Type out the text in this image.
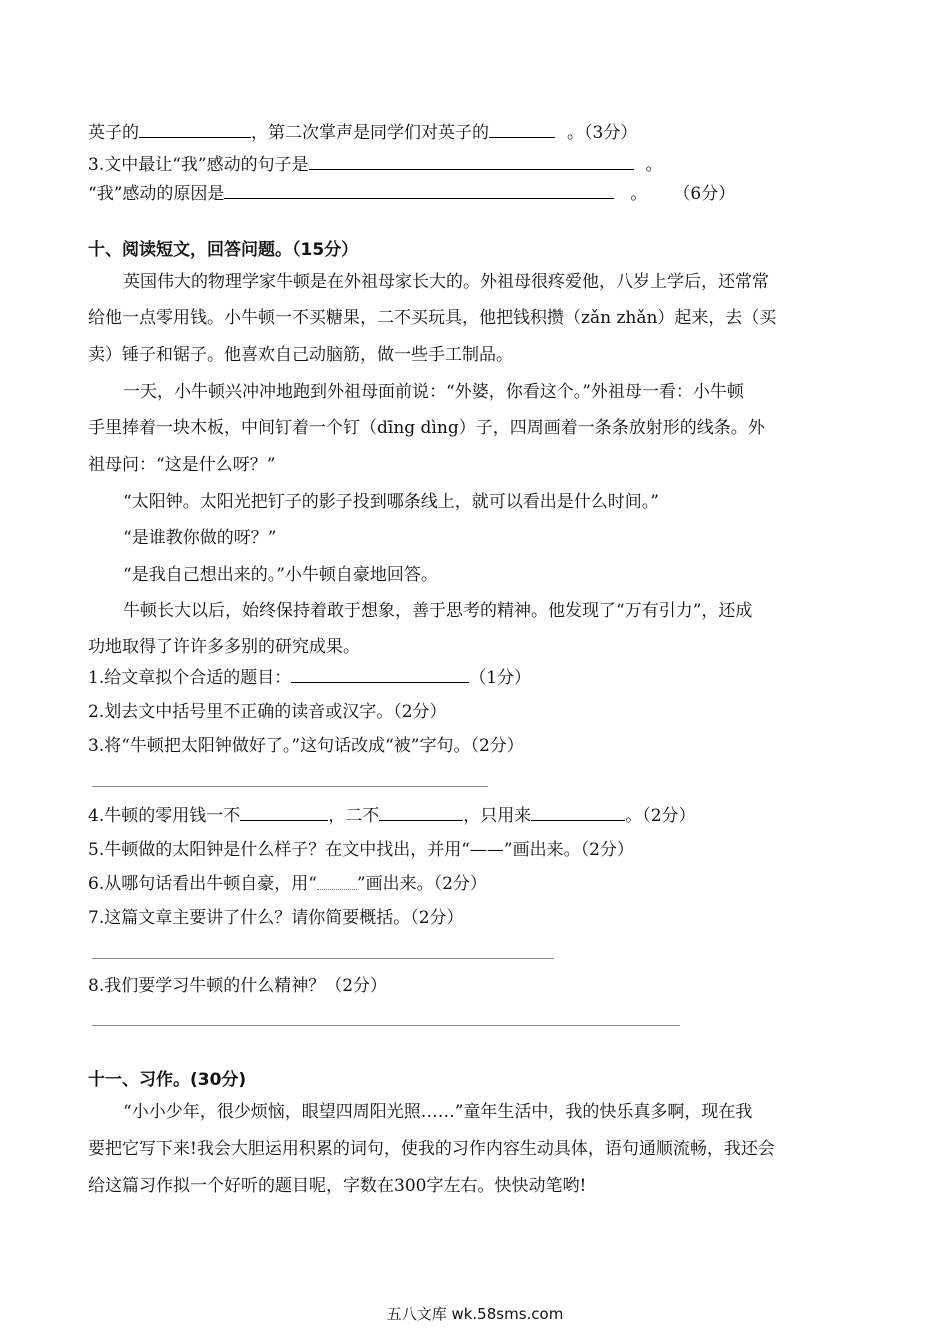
英子的	，第二次掌声是同学们对英子的	。（3分）
3.文中最让“我”感动的句子是	。
“我”感动的原因是	。 （6分）
十、阅读短文，回答问题。（15分）
英国伟大的物理学家牛顿是在外祖母家长大的。外祖母很疼爱他，八岁上学后，还常常
给他一点零用钱。小牛顿一不买糖果，二不买玩具，他把钱积攒（zǎn zhǎn）起来，去（买
卖）锤子和锯子。他喜欢自己动脑筋，做一些手工制品。
一天，小牛顿兴冲冲地跑到外祖母面前说：“外婆，你看这个。”外祖母一看：小牛顿
手里捧着一块木板，中间钉着一个钉（dīng dìng）子，四周画着一条条放射形的线条。外
祖母问：“这是什么呀？”
“太阳钟。太阳光把钉子的影子投到哪条线上，就可以看出是什么时间。”
“是谁教你做的呀？”
“是我自己想出来的。”小牛顿自豪地回答。
牛顿长大以后，始终保持着敢于想象，善于思考的精神。他发现了“万有引力”，还成
功地取得了许许多多别的研究成果。
1.给文章拟个合适的题目：	（1分）
2.划去文中括号里不正确的读音或汉字。（2分）
3.将“牛顿把太阳钟做好了。”这句话改成“被”字句。（2分）
4.牛顿的零用钱一不	，二不	，只用来	。（2分）
5.牛顿做的太阳钟是什么样子？在文中找出，并用“——”画出来。（2分）
6.从哪句话看出牛顿自豪，用“ ”画出来。（2分）
7.这篇文章主要讲了什么？请你简要概括。（2分）
8.我们要学习牛顿的什么精神？（2分）
十一、习作。(30分)
“小小少年，很少烦恼，眼望四周阳光照……”童年生活中，我的快乐真多啊，现在我
要把它写下来!我会大胆运用积累的词句，使我的习作内容生动具体，语句通顺流畅，我还会
给这篇习作拟一个好听的题目呢，字数在300字左右。快快动笔哟!
五八文库 wk.58sms.com
